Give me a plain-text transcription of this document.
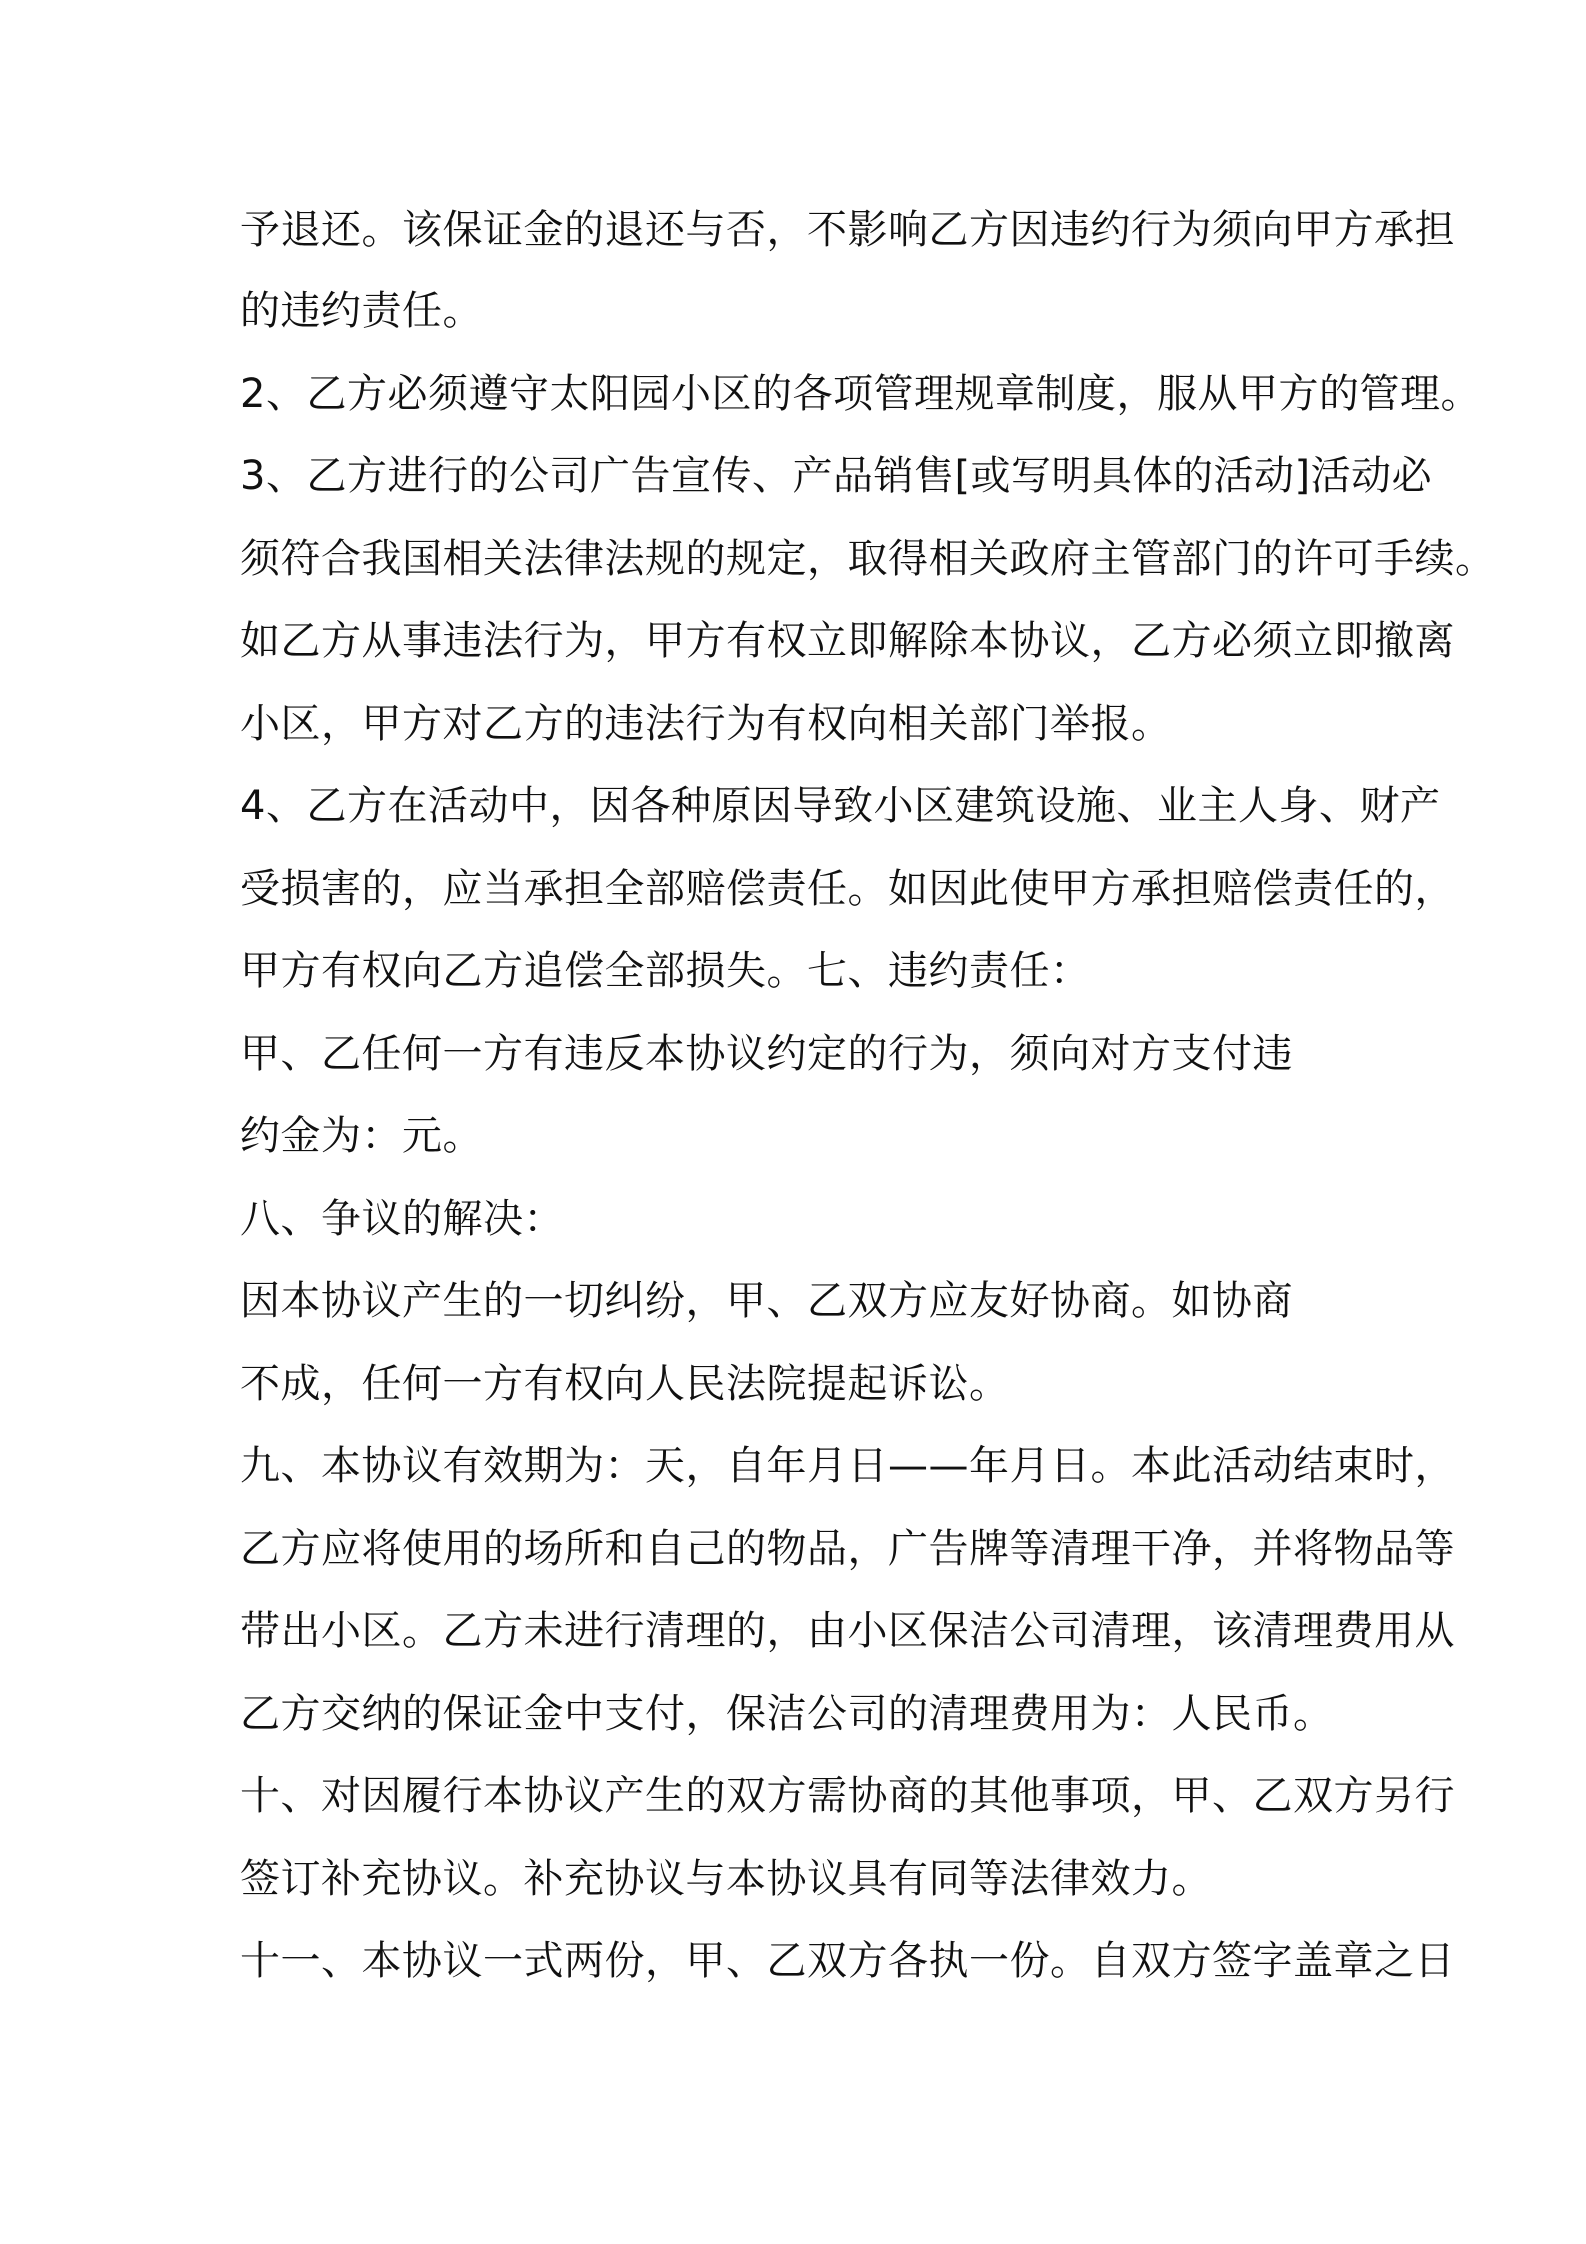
予退还。该保证金的退还与否，不影响乙方因违约行为须向甲方承担
的违约责任。
2、乙方必须遵守太阳园小区的各项管理规章制度，服从甲方的管理。
3、乙方进行的公司广告宣传、产品销售[或写明具体的活动]活动必
须符合我国相关法律法规的规定，取得相关政府主管部门的许可手续。
如乙方从事违法行为，甲方有权立即解除本协议，乙方必须立即撤离
小区，甲方对乙方的违法行为有权向相关部门举报。
4、乙方在活动中，因各种原因导致小区建筑设施、业主人身、财产
受损害的，应当承担全部赔偿责任。如因此使甲方承担赔偿责任的，
甲方有权向乙方追偿全部损失。七、违约责任：
甲、乙任何一方有违反本协议约定的行为，须向对方支付违
约金为：元。
八、争议的解决：
因本协议产生的一切纠纷，甲、乙双方应友好协商。如协商
不成，任何一方有权向人民法院提起诉讼。
九、本协议有效期为：天，自年月日——年月日。本此活动结束时，
乙方应将使用的场所和自己的物品，广告牌等清理干净，并将物品等
带出小区。乙方未进行清理的，由小区保洁公司清理，该清理费用从
乙方交纳的保证金中支付，保洁公司的清理费用为：人民币。
十、对因履行本协议产生的双方需协商的其他事项，甲、乙双方另行
签订补充协议。补充协议与本协议具有同等法律效力。
十一、本协议一式两份，甲、乙双方各执一份。自双方签字盖章之日
